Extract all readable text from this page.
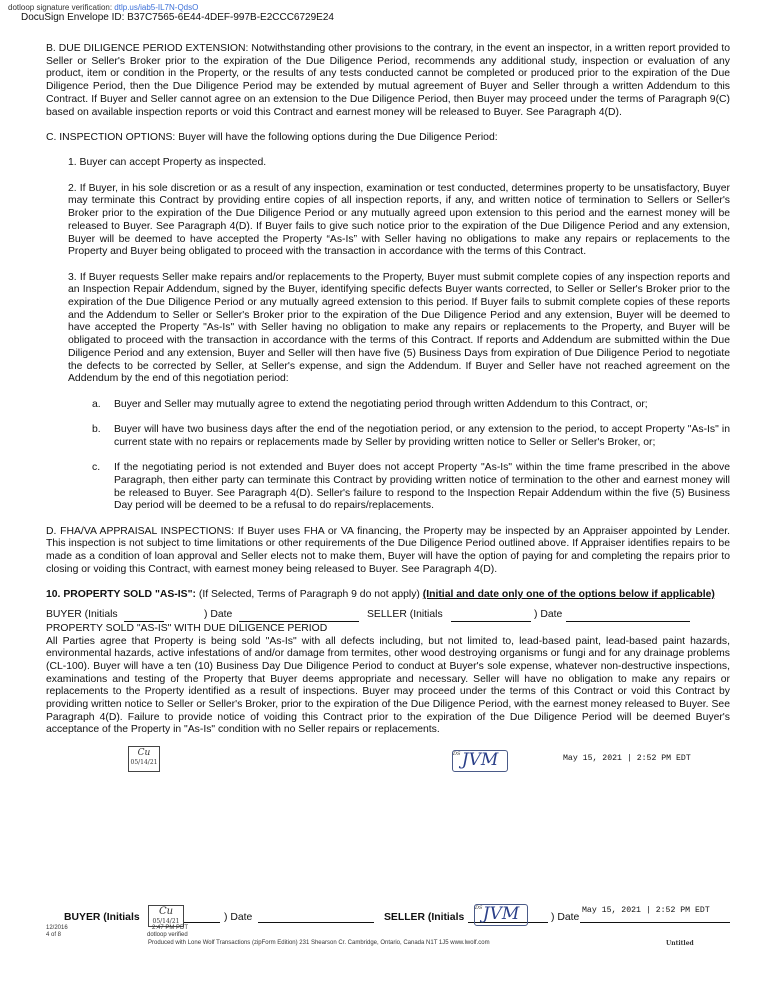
dotloop signature verification: dtlp.us/iab5-IL7N-QdsO
DocuSign Envelope ID: B37C7565-6E44-4DEF-997B-E2CCC6729E24

B. DUE DILIGENCE PERIOD EXTENSION: Notwithstanding other provisions to the contrary, in the event an inspector, in a written report provided to Seller or Seller's Broker prior to the expiration of the Due Diligence Period, recommends any additional study, inspection or evaluation of any product, item or condition in the Property, or the results of any tests conducted cannot be completed or produced prior to the expiration of the Due Diligence Period, then the Due Diligence Period may be extended by mutual agreement of Buyer and Seller through a written Addendum to this Contract. If Buyer and Seller cannot agree on an extension to the Due Diligence Period, then Buyer may proceed under the terms of Paragraph 9(C) based on available inspection reports or void this Contract and earnest money will be released to Buyer. See Paragraph 4(D).

C. INSPECTION OPTIONS: Buyer will have the following options during the Due Diligence Period:

1. Buyer can accept Property as inspected.

2. If Buyer, in his sole discretion or as a result of any inspection, examination or test conducted, determines property to be unsatisfactory, Buyer may terminate this Contract by providing entire copies of all inspection reports, if any, and written notice of termination to Sellers or Seller's Broker prior to the expiration of the Due Diligence Period or any mutually agreed upon extension to this period and the earnest money will be released to Buyer. See Paragraph 4(D). If Buyer fails to give such notice prior to the expiration of the Due Diligence Period and any extension, Buyer will be deemed to have accepted the Property “As-Is” with Seller having no obligations to make any repairs or replacements to the Property and Buyer being obligated to proceed with the transaction in accordance with the terms of this Contract.

3. If Buyer requests Seller make repairs and/or replacements to the Property, Buyer must submit complete copies of any inspection reports and an Inspection Repair Addendum, signed by the Buyer, identifying specific defects Buyer wants corrected, to Seller or Seller's Broker prior to the expiration of the Due Diligence Period or any mutually agreed extension to this period. If Buyer fails to submit complete copies of these reports and the Addendum to Seller or Seller's Broker prior to the expiration of the Due Diligence Period and any extension, Buyer will be deemed to have accepted the Property "As-Is" with Seller having no obligation to make any repairs or replacements to the Property, and Buyer will be obligated to proceed with the transaction in accordance with the terms of this Contract. If reports and Addendum are submitted within the Due Diligence Period and any extension, Buyer and Seller will then have five (5) Business Days from expiration of Due Diligence Period to negotiate the defects to be corrected by Seller, at Seller's expense, and sign the Addendum. If Buyer and Seller have not reached agreement on the Addendum by the end of this negotiation period:

a.	Buyer and Seller may mutually agree to extend the negotiating period through written Addendum to this Contract, or;
b.	Buyer will have two business days after the end of the negotiation period, or any extension to the period, to accept Property "As-Is" in current state with no repairs or replacements made by Seller by providing written notice to Seller or Seller's Broker, or;
c.	If the negotiating period is not extended and Buyer does not accept Property "As-Is" within the time frame prescribed in the above Paragraph, then either party can terminate this Contract by providing written notice of termination to the other and earnest money will be released to Buyer. See Paragraph 4(D). Seller's failure to respond to the Inspection Repair Addendum within the five (5) Business Day period will be deemed to be a refusal to do repairs/replacements.

D. FHA/VA APPRAISAL INSPECTIONS: If Buyer uses FHA or VA financing, the Property may be inspected by an Appraiser appointed by Lender. This inspection is not subject to time limitations or other requirements of the Due Diligence Period outlined above. If Appraiser identifies repairs to be made as a condition of loan approval and Seller elects not to make them, Buyer will have the option of paying for and completing the repairs prior to closing or voiding this Contract, with earnest money being released to Buyer. See Paragraph 4(D).

10. PROPERTY SOLD "AS-IS": (If Selected, Terms of Paragraph 9 do not apply) (Initial and date only one of the options below if applicable)

BUYER (Initials	) Date	SELLER (Initials	) Date

PROPERTY SOLD "AS-IS" WITH DUE DILIGENCE PERIOD

All Parties agree that Property is being sold "As-Is" with all defects including, but not limited to, lead-based paint, lead-based paint hazards, environmental hazards, active infestations of and/or damage from termites, other wood destroying organisms or fungi and for any drainage problems (CL-100). Buyer will have a ten (10) Business Day Due Diligence Period to conduct at Buyer's sole expense, whatever non-destructive inspections, examinations and testing of the Property that Buyer deems appropriate and necessary. Seller will have no obligation to make any repairs or replacements to the Property identified as a result of inspections. Buyer may proceed under the terms of this Contract or void this Contract by providing written notice to Seller or Seller's Broker, prior to the expiration of the Due Diligence Period, with the earnest money released to Buyer. See Paragraph 4(D). Failure to provide notice of voiding this Contract prior to the expiration of the Due Diligence Period will be deemed Buyer's acceptance of the Property in "As-Is" condition with no Seller repairs or replacements.

Cu
05/14/21
DS JVM	May 15, 2021 | 2:52 PM EDT
BUYER (Initials	) Date	SELLER (Initials	) Date
Cu
05/14/21
2:47 PM PDT
dotloop verified
DS JVM	May 15, 2021 | 2:52 PM EDT
12/2016
4 of 8
Produced with Lone Wolf Transactions (zipForm Edition) 231 Shearson Cr. Cambridge, Ontario, Canada N1T 1J5 www.lwolf.com	Untitled
